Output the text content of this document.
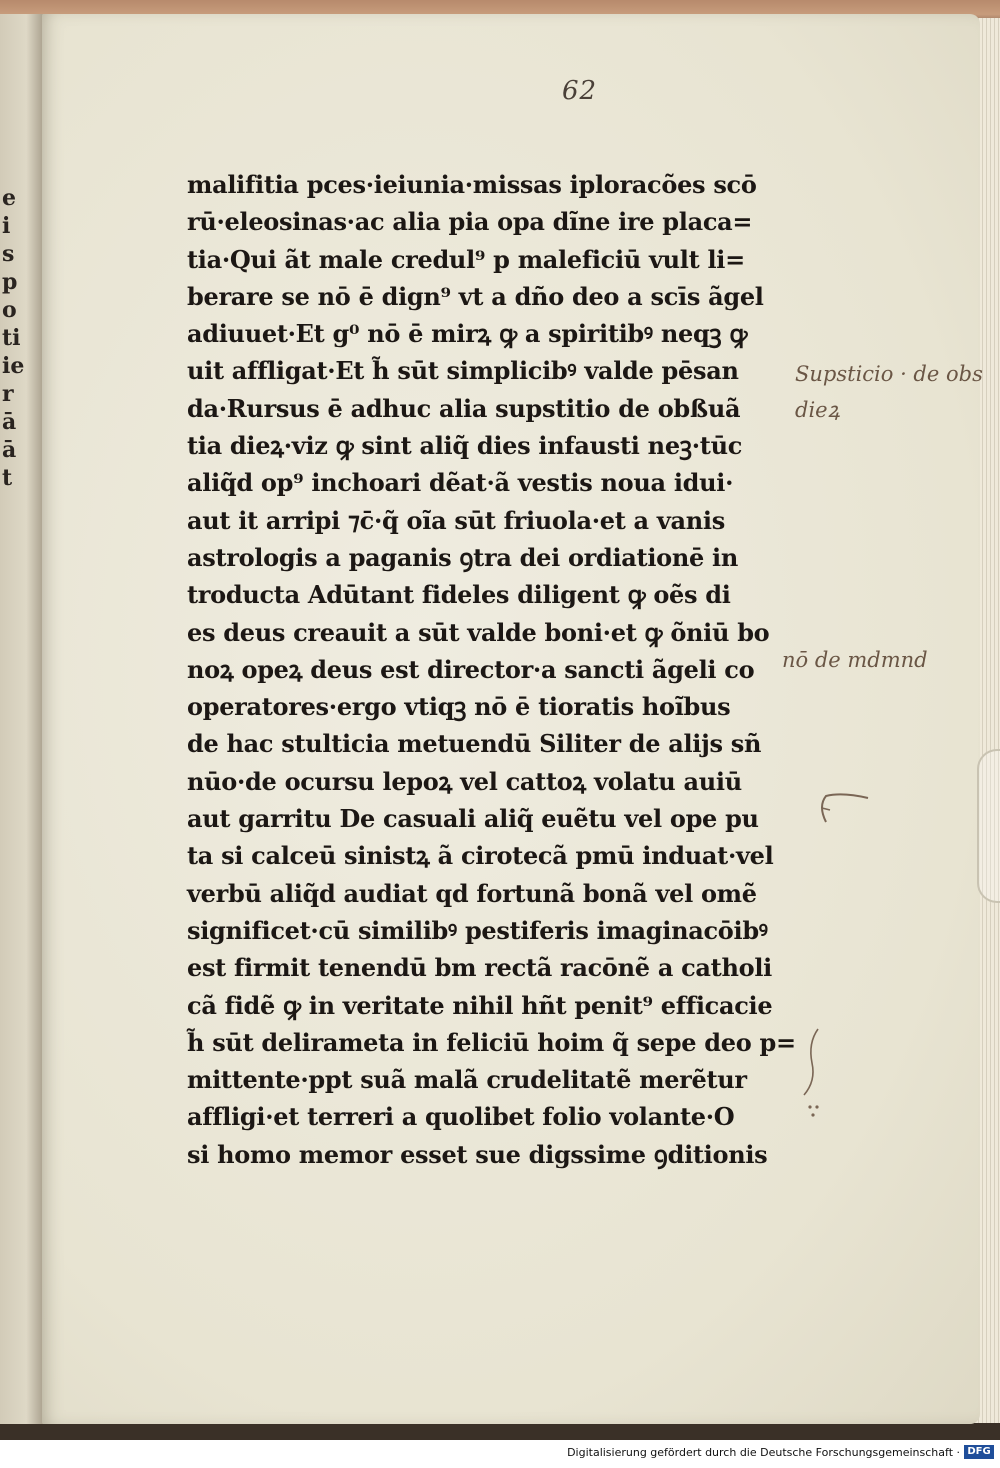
e
i
s
p
o
ti
ie
r
ā
ā
t
62
malifitia pces·ieiunia·missas iploracões scō
rū·eleosinas·ac alia pia opa dĩne ire placa=
tia·Qui ãt male credul⁹ p maleficiū vult li=
berare se nō ē dign⁹ vt a dño deo a scīs ãgel
adiuuet·Et g⁰ nō ē mirꝝ ꝙ a spiritibꝰ neqꝫ ꝙ
uit affligat·Et h̃ sūt simplicibꝰ valde pēsan
da·Rursus ē adhuc alia supstitio de obßuã
tia dieꝝ·viz ꝙ sint aliq̃ dies infausti neꝫ·tūc
aliq̃d op⁹ inchoari dẽat·ã vestis noua idui·
aut it arripi ⁊c̄·q̃ oĩa sūt friuola·et a vanis
astrologis a paganis ꝯtra dei ordiationē in
troducta Adūtant fideles diligent ꝙ oẽs di
es deus creauit a sūt valde boni·et ꝙ õniū bo
noꝝ opeꝝ deus est director·a sancti ãgeli co
operatores·ergo vtiqꝫ nō ē tioratis hoĩbus
de hac stulticia metuendū Siliter de alijs sñ
nūo·de ocursu lepoꝝ vel cattoꝝ volatu auiū
aut garritu De casuali aliq̃ euẽtu vel ope pu
ta si calceū sinistꝝ ã cirotecã pmū induat·vel
verbū aliq̃d audiat qd fortunã bonã vel omẽ
significet·cū similibꝰ pestiferis imaginacōibꝰ
est firmit tenendū bm rectã racōnẽ a catholi
cã fidẽ ꝙ in veritate nihil hñt penit⁹ efficacie
h̃ sūt delirameta in feliciū hoim q̃ sepe deo p=
mittente·ppt suã malã crudelitatẽ merẽtur
affligi·et terreri a quolibet folio volante·O
si homo memor esset sue digssime ꝯditionis
Supsticio · de obs
dieꝝ
nō de mdmnd
Digitalisierung gefördert durch die Deutsche Forschungsgemeinschaft · DFG
